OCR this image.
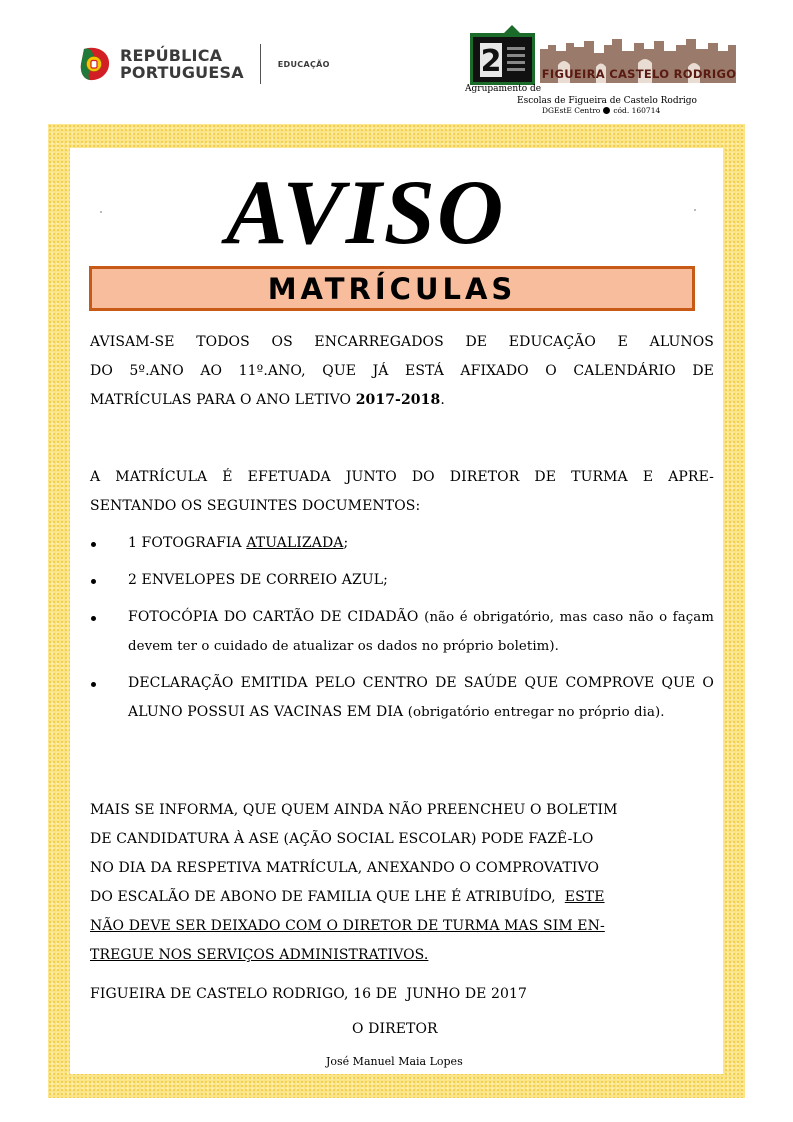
REPÚBLICA
PORTUGUESA	EDUCAÇÃO	2	FIGUEIRA CASTELO RODRIGO
Agrupamento de
Escolas de Figueira de Castelo Rodrigo
DGEstE Centro cód. 160714
AVISO
MATRÍCULAS
AVISAM-SE TODOS OS ENCARREGADOS DE EDUCAÇÃO E ALUNOS
DO 5º.ANO AO 11º.ANO, QUE JÁ ESTÁ AFIXADO O CALENDÁRIO DE
MATRÍCULAS PARA O ANO LETIVO 2017-2018.
A MATRÍCULA É EFETUADA JUNTO DO DIRETOR DE TURMA E APRE-
SENTANDO OS SEGUINTES DOCUMENTOS:
1 FOTOGRAFIA ATUALIZADA;
2 ENVELOPES DE CORREIO AZUL;
FOTOCÓPIA DO CARTÃO DE CIDADÃO (não é obrigatório, mas caso não o façam devem ter o cuidado de atualizar os dados no próprio boletim).
DECLARAÇÃO EMITIDA PELO CENTRO DE SAÚDE QUE COMPROVE QUE O ALUNO POSSUI AS VACINAS EM DIA (obrigatório entregar no próprio dia).
MAIS SE INFORMA, QUE QUEM AINDA NÃO PREENCHEU O BOLETIM
DE CANDIDATURA À ASE (AÇÃO SOCIAL ESCOLAR) PODE FAZÊ-LO
NO DIA DA RESPETIVA MATRÍCULA, ANEXANDO O COMPROVATIVO
DO ESCALÃO DE ABONO DE FAMILIA QUE LHE É ATRIBUÍDO,  ESTE
NÃO DEVE SER DEIXADO COM O DIRETOR DE TURMA MAS SIM EN-
TREGUE NOS SERVIÇOS ADMINISTRATIVOS.
FIGUEIRA DE CASTELO RODRIGO, 16 DE  JUNHO DE 2017
O DIRETOR
José Manuel Maia Lopes
